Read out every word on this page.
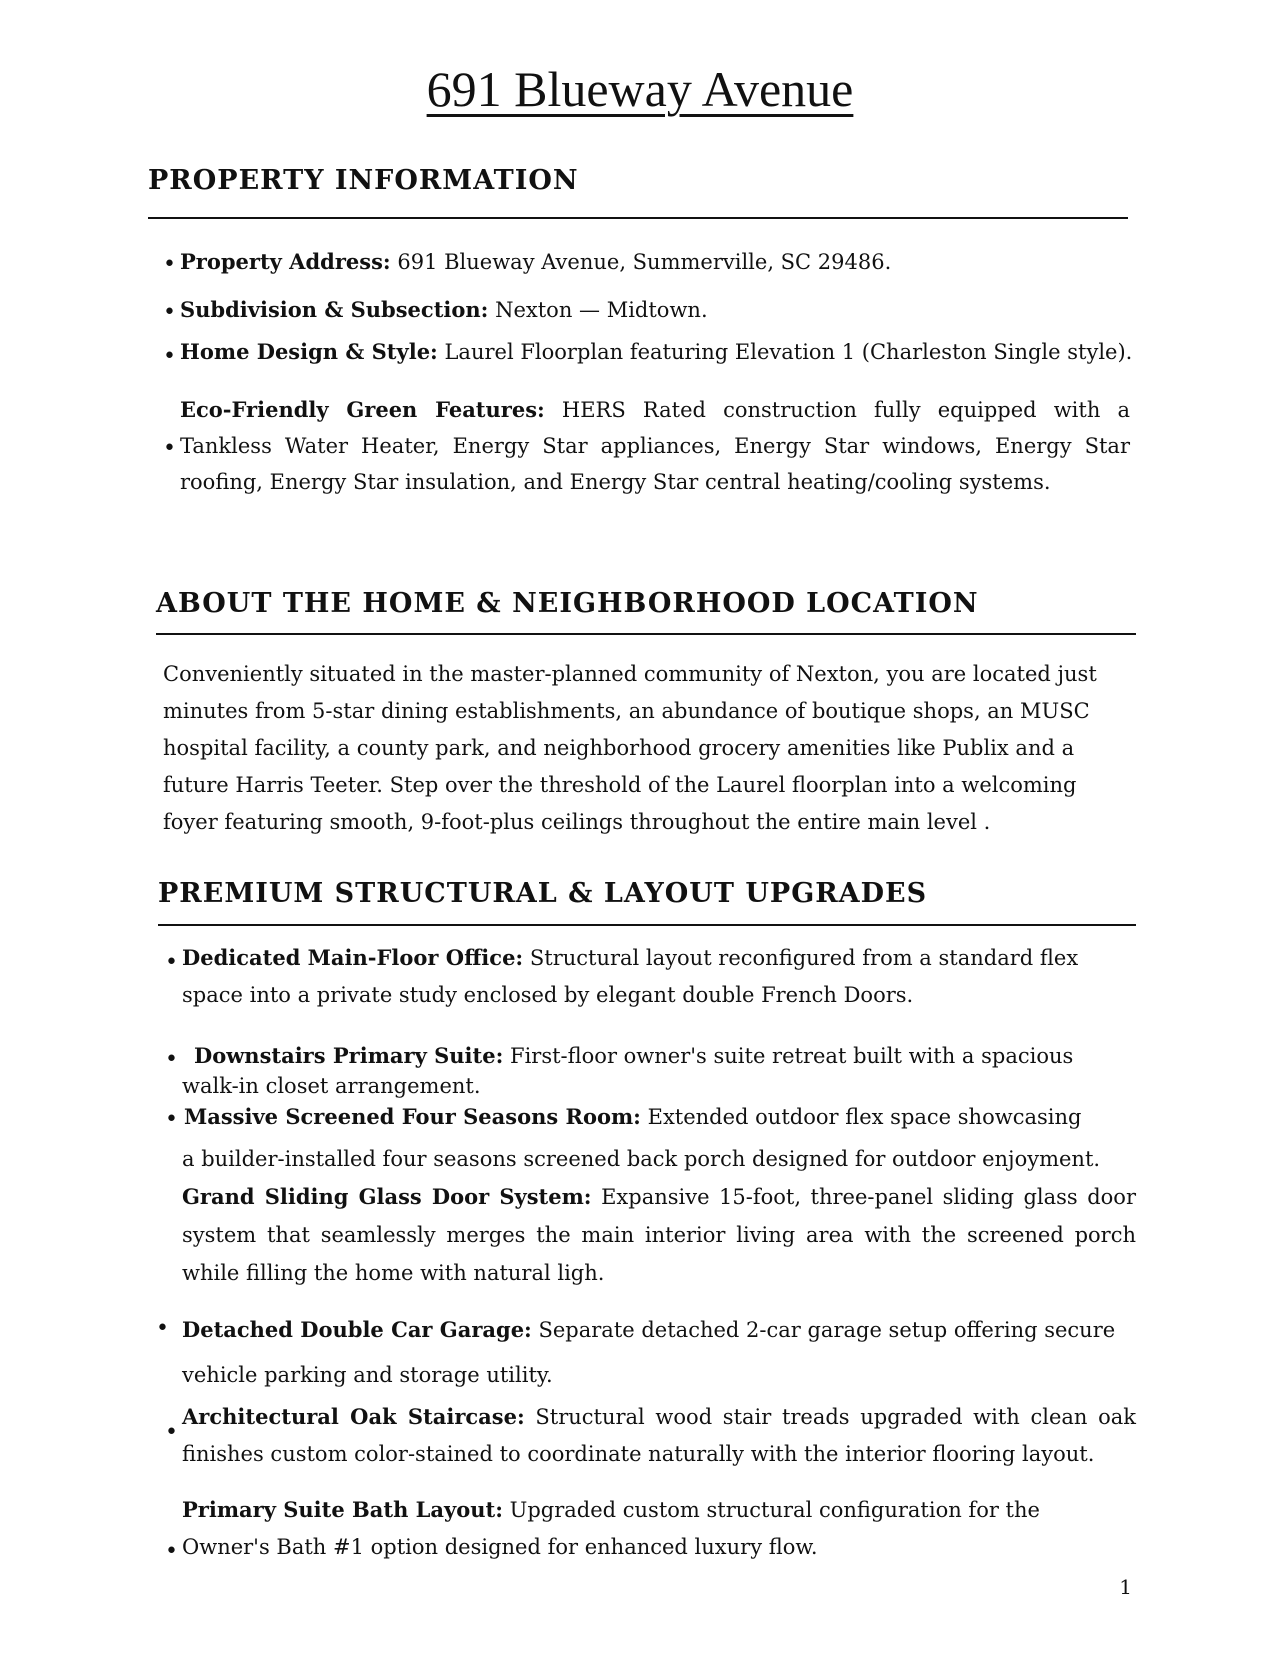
691 Blueway Avenue
PROPERTY INFORMATION
• Property Address: 691 Blueway Avenue, Summerville, SC 29486.
• Subdivision & Subsection: Nexton — Midtown.
• Home Design & Style: Laurel Floorplan featuring Elevation 1 (Charleston Single style).
•
Eco-Friendly Green Features: HERS Rated construction fully equipped with a
Tankless Water Heater, Energy Star appliances, Energy Star windows, Energy Star
roofing, Energy Star insulation, and Energy Star central heating/cooling systems.
ABOUT THE HOME & NEIGHBORHOOD LOCATION
Conveniently situated in the master-planned community of Nexton, you are located just
minutes from 5-star dining establishments, an abundance of boutique shops, an MUSC
hospital facility, a county park, and neighborhood grocery amenities like Publix and a
future Harris Teeter. Step over the threshold of the Laurel floorplan into a welcoming
foyer featuring smooth, 9-foot-plus ceilings throughout the entire main level .
PREMIUM STRUCTURAL & LAYOUT UPGRADES
• Dedicated Main-Floor Office: Structural layout reconfigured from a standard flex
space into a private study enclosed by elegant double French Doors.
• Downstairs Primary Suite: First-floor owner's suite retreat built with a spacious
walk-in closet arrangement.
• Massive Screened Four Seasons Room: Extended outdoor flex space showcasing
a builder-installed four seasons screened back porch designed for outdoor enjoyment.
Grand Sliding Glass Door System: Expansive 15-foot, three-panel sliding glass door
system that seamlessly merges the main interior living area with the screened porch
while filling the home with natural ligh.
• Detached Double Car Garage: Separate detached 2-car garage setup offering secure
vehicle parking and storage utility.
•
Architectural Oak Staircase: Structural wood stair treads upgraded with clean oak
finishes custom color-stained to coordinate naturally with the interior flooring layout.
•
Primary Suite Bath Layout: Upgraded custom structural configuration for the
Owner's Bath #1 option designed for enhanced luxury flow.
1
